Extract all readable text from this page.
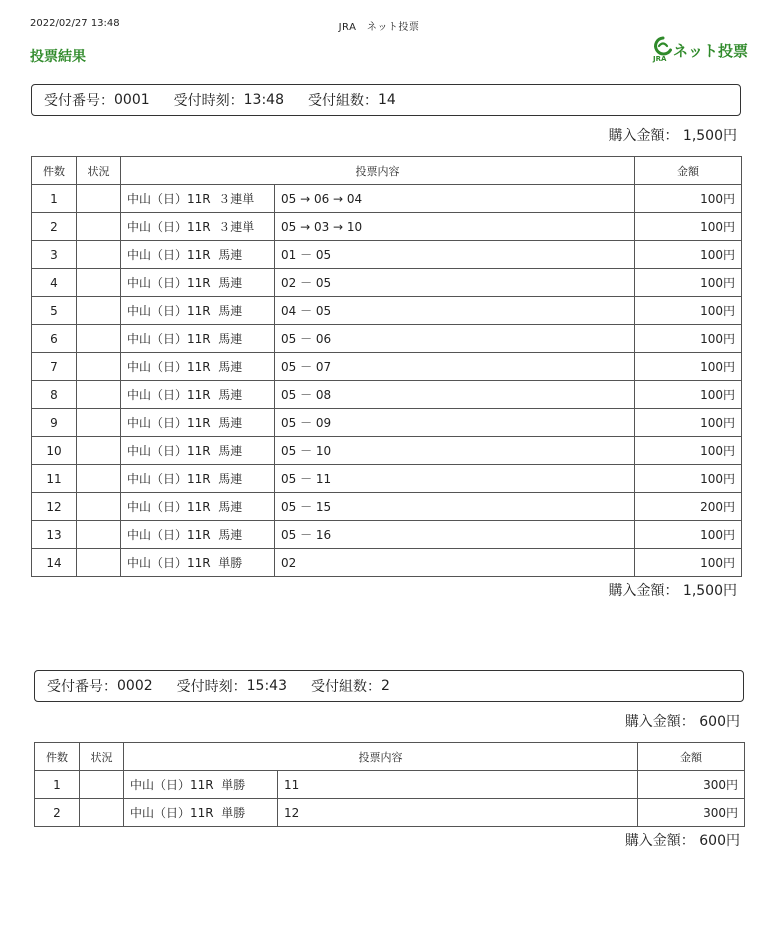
2022/02/27 13:48	JRA　ネット投票
投票結果	JRA ネット投票
受付番号： 0001 受付時刻： 13:48 受付組数： 14
購入金額： 1,500円
件数	状況	投票内容		金額
1		中山（日）11R  ３連単	05 → 06 → 04	100円
2		中山（日）11R  ３連単	05 → 03 → 10	100円
3		中山（日）11R  馬連	01 － 05	100円
4		中山（日）11R  馬連	02 － 05	100円
5		中山（日）11R  馬連	04 － 05	100円
6		中山（日）11R  馬連	05 － 06	100円
7		中山（日）11R  馬連	05 － 07	100円
8		中山（日）11R  馬連	05 － 08	100円
9		中山（日）11R  馬連	05 － 09	100円
10		中山（日）11R  馬連	05 － 10	100円
11		中山（日）11R  馬連	05 － 11	100円
12		中山（日）11R  馬連	05 － 15	200円
13		中山（日）11R  馬連	05 － 16	100円
14		中山（日）11R  単勝	02	100円
購入金額： 1,500円
受付番号： 0002 受付時刻： 15:43 受付組数： 2
購入金額： 600円
件数	状況	投票内容		金額
1		中山（日）11R  単勝	11	300円
2		中山（日）11R  単勝	12	300円
購入金額： 600円
